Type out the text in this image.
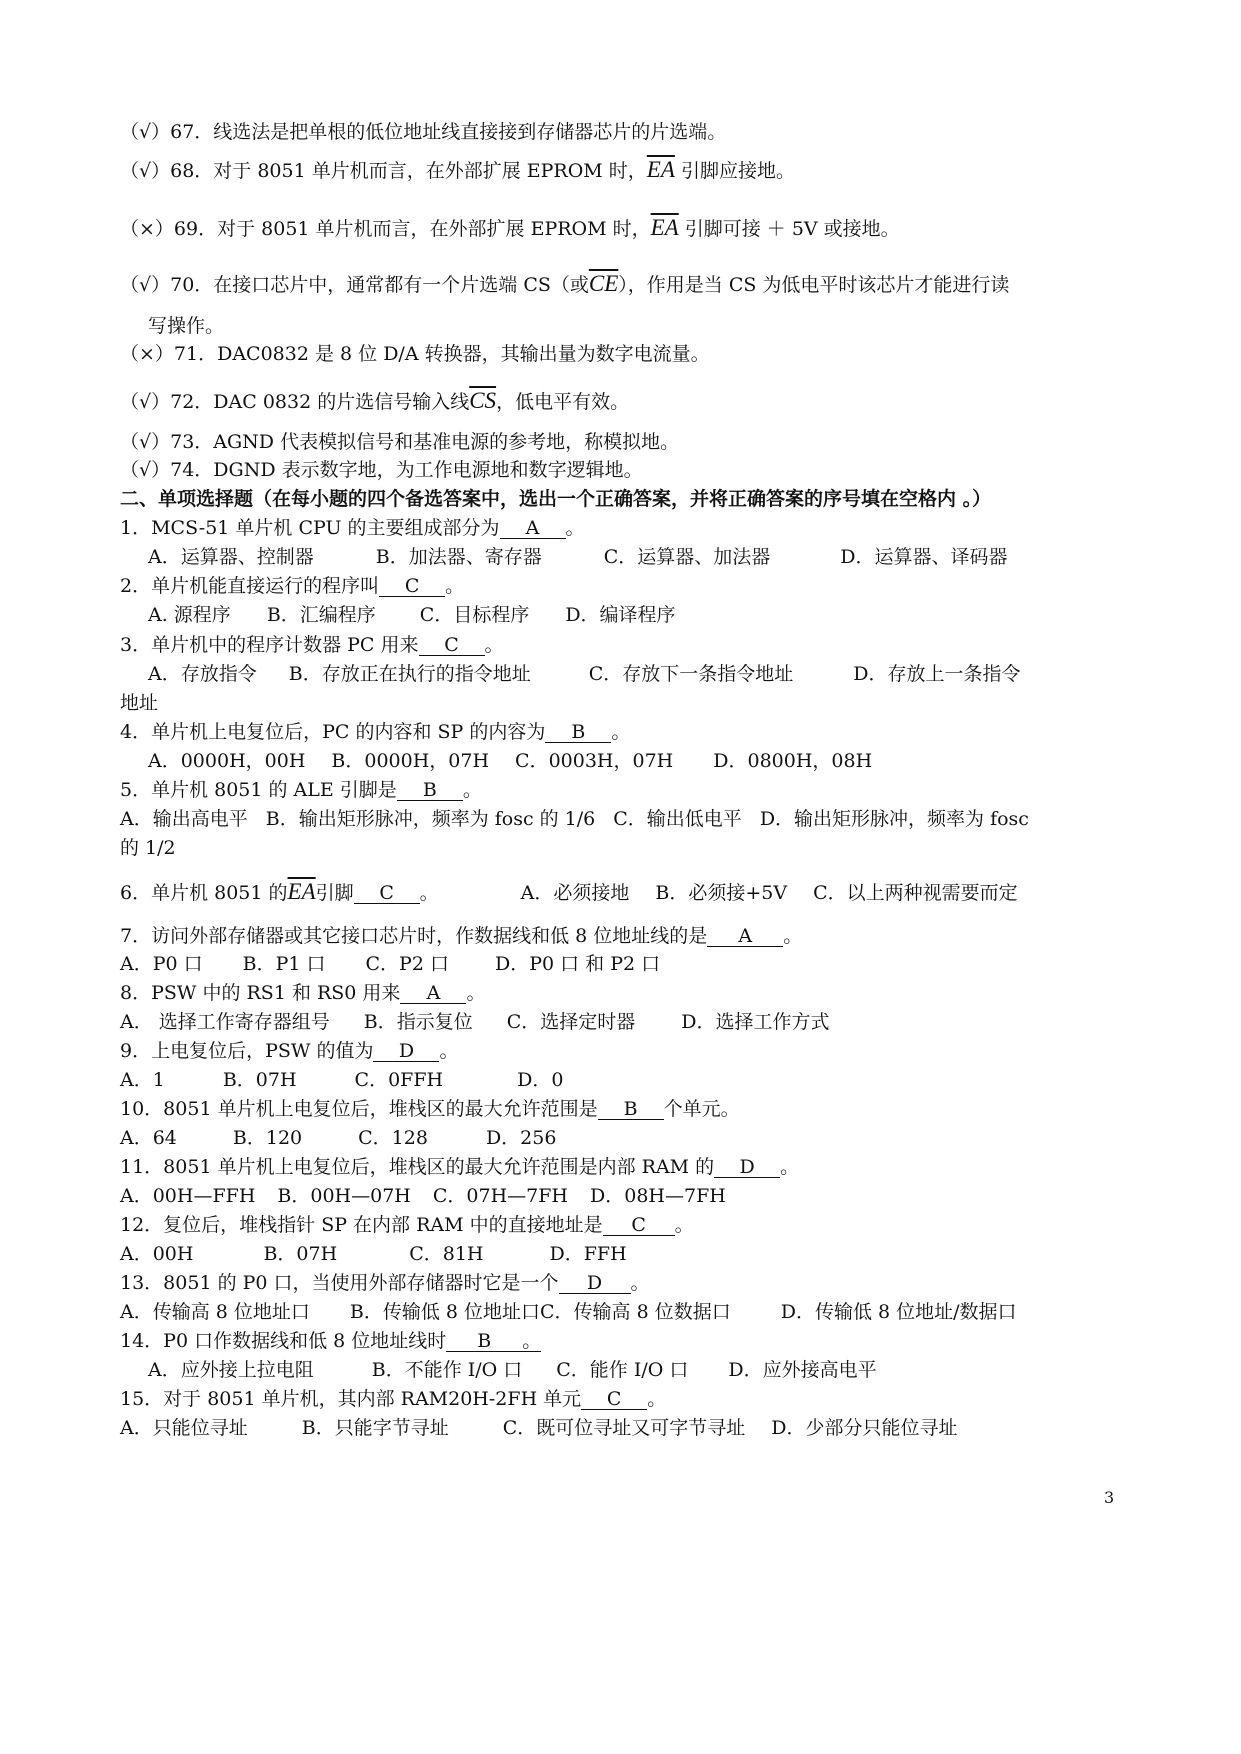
（√）67．线选法是把单根的低位地址线直接接到存储器芯片的片选端。
（√）68．对于 8051 单片机而言，在外部扩展 EPROM 时，$\overline{EA}$ 引脚应接地。
（×）69．对于 8051 单片机而言，在外部扩展 EPROM 时，$\overline{EA}$ 引脚可接 ＋ 5V 或接地。
（√）70．在接口芯片中，通常都有一个片选端 CS（或$\overline{CE}$），作用是当 CS 为低电平时该芯片才能进行读
写操作。
（×）71．DAC0832 是 8 位 D/A 转换器，其输出量为数字电流量。
（√）72．DAC 0832 的片选信号输入线$\overline{CS}$，低电平有效。
（√）73．AGND 代表模拟信号和基准电源的参考地，称模拟地。
（√）74．DGND 表示数字地，为工作电源地和数字逻辑地。
二、单项选择题（在每小题的四个备选答案中，选出一个正确答案，并将正确答案的序号填在空格内 。）
1．MCS-51 单片机 CPU 的主要组成部分为 A 。
A．运算器、控制器	B．加法器、寄存器	C．运算器、加法器	D．运算器、译码器
2．单片机能直接运行的程序叫 C 。
A. 源程序 B．汇编程序 C．目标程序 D．编译程序
3．单片机中的程序计数器 PC 用来 C 。
A．存放指令 B．存放正在执行的指令地址	C．存放下一条指令地址	D．存放上一条指令
地址
4．单片机上电复位后，PC 的内容和 SP 的内容为 B 。
A．0000H，00H B．0000H，07H C．0003H，07H D．0800H，08H
5．单片机 8051 的 ALE 引脚是 B 。
A．输出高电平 B．输出矩形脉冲，频率为 fosc 的 1/6 C．输出低电平 D．输出矩形脉冲，频率为 fosc
的 1/2
6．单片机 8051 的$\overline{EA}$引脚 C 。	A．必须接地 B．必须接+5V C．以上两种视需要而定
7．访问外部存储器或其它接口芯片时，作数据线和低 8 位地址线的是 A 。
A．P0 口 B．P1 口 C．P2 口 D．P0 口 和 P2 口
8．PSW 中的 RS1 和 RS0 用来 A 。
A． 选择工作寄存器组号 B．指示复位 C．选择定时器 D．选择工作方式
9．上电复位后，PSW 的值为 D 。
A．1	B．07H	C．0FFH	D．0
10．8051 单片机上电复位后，堆栈区的最大允许范围是 B 个单元。
A．64	B．120	C．128	D．256
11．8051 单片机上电复位后，堆栈区的最大允许范围是内部 RAM 的 D 。
A．00H—FFH B．00H—07H C．07H—7FH D．08H—7FH
12．复位后，堆栈指针 SP 在内部 RAM 中的直接地址是 C 。
A．00H	B．07H	C．81H	D．FFH
13．8051 的 P0 口，当使用外部存储器时它是一个 D 。
A．传输高 8 位地址口 B．传输低 8 位地址口C．传输高 8 位数据口	D．传输低 8 位地址/数据口
14．P0 口作数据线和低 8 位地址线时 B 。
A．应外接上拉电阻	B．不能作 I/O 口 C．能作 I/O 口 D．应外接高电平
15．对于 8051 单片机，其内部 RAM20H-2FH 单元 C 。
A．只能位寻址	B．只能字节寻址	C．既可位寻址又可字节寻址 D．少部分只能位寻址
3
